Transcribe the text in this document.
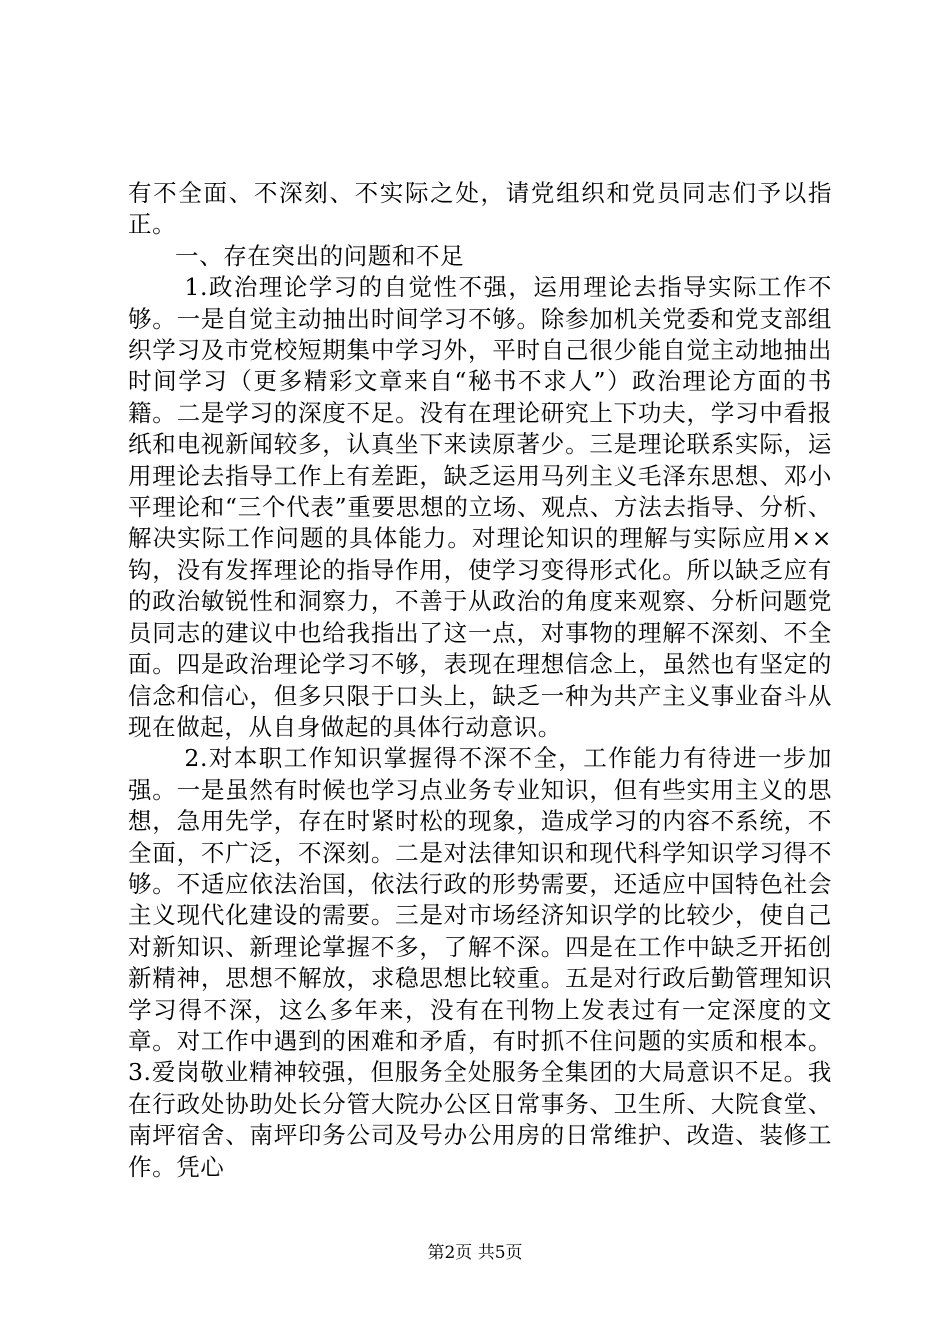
有不全面、不深刻、不实际之处，请党组织和党员同志们予以指正。

一、存在突出的问题和不足

1.政治理论学习的自觉性不强，运用理论去指导实际工作不够。一是自觉主动抽出时间学习不够。除参加机关党委和党支部组织学习及市党校短期集中学习外，平时自己很少能自觉主动地抽出时间学习（更多精彩文章来自“秘书不求人”）政治理论方面的书籍。二是学习的深度不足。没有在理论研究上下功夫，学习中看报纸和电视新闻较多，认真坐下来读原著少。三是理论联系实际，运用理论去指导工作上有差距，缺乏运用马列主义毛泽东思想、邓小平理论和“三个代表”重要思想的立场、观点、方法去指导、分析、解决实际工作问题的具体能力。对理论知识的理解与实际应用××钩，没有发挥理论的指导作用，使学习变得形式化。所以缺乏应有的政治敏锐性和洞察力，不善于从政治的角度来观察、分析问题党员同志的建议中也给我指出了这一点，对事物的理解不深刻、不全面。四是政治理论学习不够，表现在理想信念上，虽然也有坚定的信念和信心，但多只限于口头上，缺乏一种为共产主义事业奋斗从现在做起，从自身做起的具体行动意识。

2.对本职工作知识掌握得不深不全，工作能力有待进一步加强。一是虽然有时候也学习点业务专业知识，但有些实用主义的思想，急用先学，存在时紧时松的现象，造成学习的内容不系统，不全面，不广泛，不深刻。二是对法律知识和现代科学知识学习得不够。不适应依法治国，依法行政的形势需要，还适应中国特色社会主义现代化建设的需要。三是对市场经济知识学的比较少，使自己对新知识、新理论掌握不多，了解不深。四是在工作中缺乏开拓创新精神，思想不解放，求稳思想比较重。五是对行政后勤管理知识学习得不深，这么多年来，没有在刊物上发表过有一定深度的文章。对工作中遇到的困难和矛盾，有时抓不住问题的实质和根本。 3.爱岗敬业精神较强，但服务全处服务全集团的大局意识不足。我在行政处协助处长分管大院办公区日常事务、卫生所、大院食堂、南坪宿舍、南坪印务公司及号办公用房的日常维护、改造、装修工作。凭心

第2页 共5页
